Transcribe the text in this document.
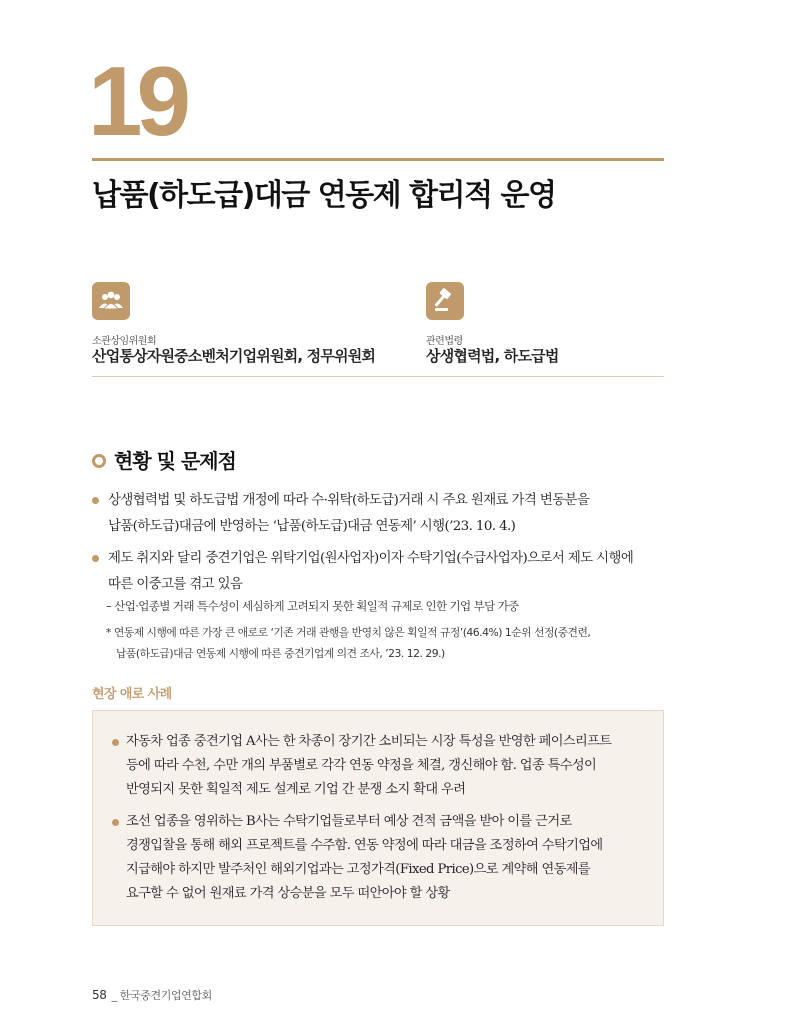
19
납품(하도급)대금 연동제 합리적 운영
소관상임위원회
산업통상자원중소벤처기업위원회, 정무위원회
관련법령
상생협력법, 하도급법
현황 및 문제점
상생협력법 및 하도급법 개정에 따라 수·위탁(하도급)거래 시 주요 원재료 가격 변동분을
납품(하도급)대금에 반영하는 ‘납품(하도급)대금 연동제’ 시행(’23. 10. 4.)
제도 취지와 달리 중견기업은 위탁기업(원사업자)이자 수탁기업(수급사업자)으로서 제도 시행에
따른 이중고를 겪고 있음
– 산업·업종별 거래 특수성이 세심하게 고려되지 못한 획일적 규제로 인한 기업 부담 가중
* 연동제 시행에 따른 가장 큰 애로로 ‘기존 거래 관행을 반영치 않은 획일적 규정’(46.4%) 1순위 선정(중견련,
납품(하도급)대금 연동제 시행에 따른 중견기업계 의견 조사, ’23. 12. 29.)
현장 애로 사례
자동차 업종 중견기업 A사는 한 차종이 장기간 소비되는 시장 특성을 반영한 페이스리프트
등에 따라 수천, 수만 개의 부품별로 각각 연동 약정을 체결, 갱신해야 함. 업종 특수성이
반영되지 못한 획일적 제도 설계로 기업 간 분쟁 소지 확대 우려
조선 업종을 영위하는 B사는 수탁기업들로부터 예상 견적 금액을 받아 이를 근거로
경쟁입찰을 통해 해외 프로젝트를 수주함. 연동 약정에 따라 대금을 조정하여 수탁기업에
지급해야 하지만 발주처인 해외기업과는 고정가격(Fixed Price)으로 계약해 연동제를
요구할 수 없어 원재료 가격 상승분을 모두 떠안아야 할 상황
58 _ 한국중견기업연합회
